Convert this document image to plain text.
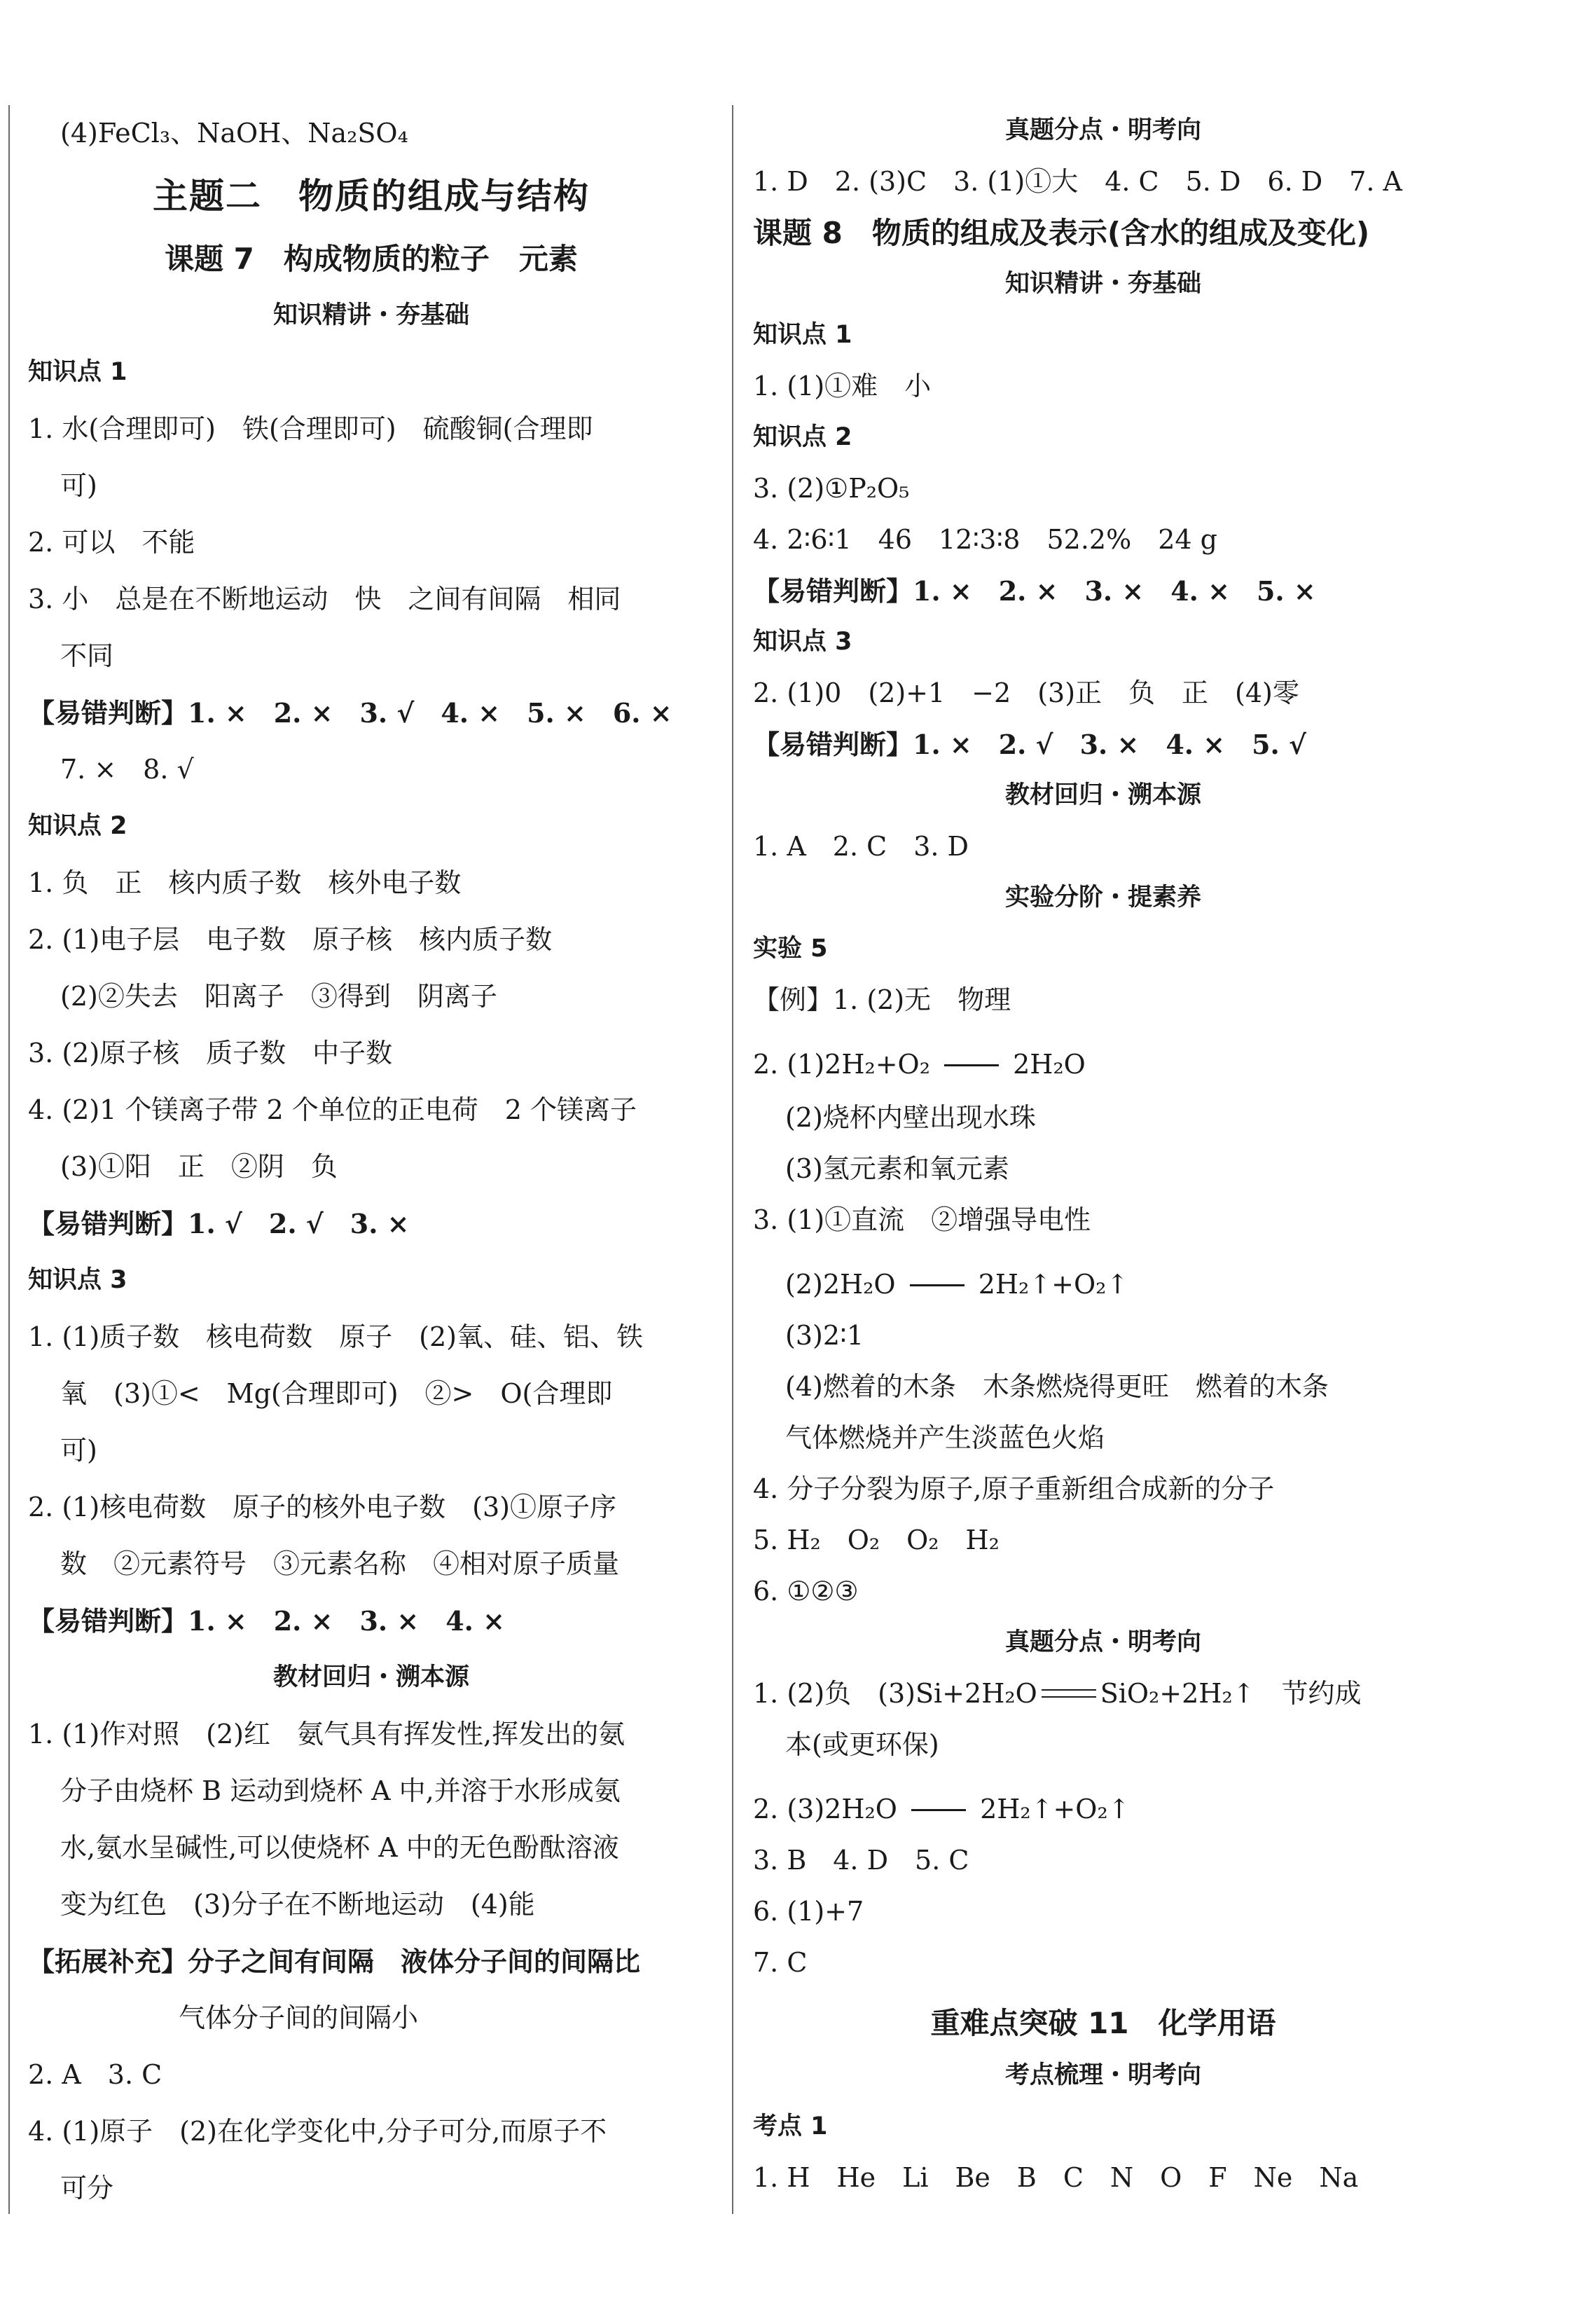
(4)FeCl₃、NaOH、Na₂SO₄
主题二　物质的组成与结构
课题 7　构成物质的粒子　元素
知识精讲・夯基础
知识点 1
1. 水(合理即可)　铁(合理即可)　硫酸铜(合理即
可)
2. 可以　不能
3. 小　总是在不断地运动　快　之间有间隔　相同
不同
【易错判断】1. ×　2. ×　3. √　4. ×　5. ×　6. ×
7. ×　8. √
知识点 2
1. 负　正　核内质子数　核外电子数
2. (1)电子层　电子数　原子核　核内质子数
(2)②失去　阳离子　③得到　阴离子
3. (2)原子核　质子数　中子数
4. (2)1 个镁离子带 2 个单位的正电荷　2 个镁离子
(3)①阳　正　②阴　负
【易错判断】1. √　2. √　3. ×
知识点 3
1. (1)质子数　核电荷数　原子　(2)氧、硅、铝、铁
氧　(3)①<　Mg(合理即可)　②>　O(合理即
可)
2. (1)核电荷数　原子的核外电子数　(3)①原子序
数　②元素符号　③元素名称　④相对原子质量
【易错判断】1. ×　2. ×　3. ×　4. ×
教材回归・溯本源
1. (1)作对照　(2)红　氨气具有挥发性,挥发出的氨
分子由烧杯 B 运动到烧杯 A 中,并溶于水形成氨
水,氨水呈碱性,可以使烧杯 A 中的无色酚酞溶液
变为红色　(3)分子在不断地运动　(4)能
【拓展补充】分子之间有间隔　液体分子间的间隔比
气体分子间的间隔小
2. A　3. C
4. (1)原子　(2)在化学变化中,分子可分,而原子不
可分
真题分点・明考向
1. D　2. (3)C　3. (1)①大　4. C　5. D　6. D　7. A
课题 8　物质的组成及表示(含水的组成及变化)
知识精讲・夯基础
知识点 1
1. (1)①难　小
知识点 2
3. (2)①P₂O₅
4. 2∶6∶1　46　12∶3∶8　52.2%　24 g
【易错判断】1. ×　2. ×　3. ×　4. ×　5. ×
知识点 3
2. (1)0　(2)+1　−2　(3)正　负　正　(4)零
【易错判断】1. ×　2. √　3. ×　4. ×　5. √
教材回归・溯本源
1. A　2. C　3. D
实验分阶・提素养
实验 5
【例】1. (2)无　物理
2. (1)2H₂+O₂	2H₂O
(2)烧杯内壁出现水珠
(3)氢元素和氧元素
3. (1)①直流　②增强导电性
(2)2H₂O	2H₂↑+O₂↑
(3)2∶1
(4)燃着的木条　木条燃烧得更旺　燃着的木条
气体燃烧并产生淡蓝色火焰
4. 分子分裂为原子,原子重新组合成新的分子
5. H₂　O₂　O₂　H₂
6. ①②③
真题分点・明考向
1. (2)负　(3)Si+2H₂O SiO₂+2H₂↑　节约成
本(或更环保)
2. (3)2H₂O	2H₂↑+O₂↑
3. B　4. D　5. C
6. (1)+7
7. C
重难点突破 11　化学用语
考点梳理・明考向
考点 1
1. H　He　Li　Be　B　C　N　O　F　Ne　Na
